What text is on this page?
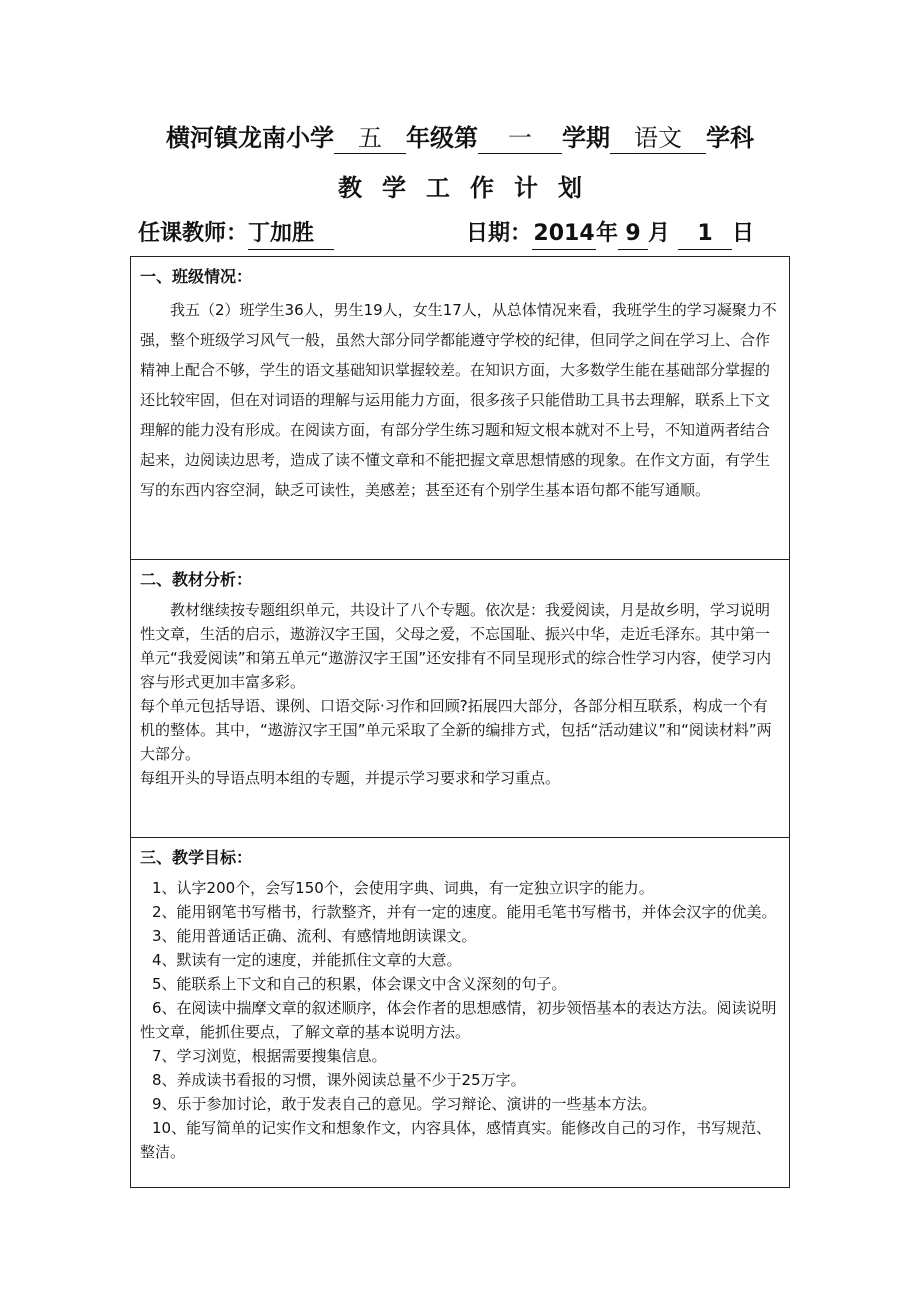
横河镇龙南小学 五 年级第 一 学期 语文 学科
教 学 工 作 计 划
任课教师：丁加胜	日期：2014年 9 月 1 日
一、班级情况：

我五（2）班学生36人，男生19人，女生17人，从总体情况来看，我班学生的学习凝聚力不强，整个班级学习风气一般，虽然大部分同学都能遵守学校的纪律，但同学之间在学习上、合作精神上配合不够，学生的语文基础知识掌握较差。在知识方面，大多数学生能在基础部分掌握的还比较牢固，但在对词语的理解与运用能力方面，很多孩子只能借助工具书去理解，联系上下文理解的能力没有形成。在阅读方面，有部分学生练习题和短文根本就对不上号，不知道两者结合起来，边阅读边思考，造成了读不懂文章和不能把握文章思想情感的现象。在作文方面，有学生写的东西内容空洞，缺乏可读性，美感差；甚至还有个别学生基本语句都不能写通顺。

二、教材分析：

教材继续按专题组织单元，共设计了八个专题。依次是：我爱阅读，月是故乡明，学习说明性文章，生活的启示，遨游汉字王国，父母之爱，不忘国耻、振兴中华，走近毛泽东。其中第一单元“我爱阅读”和第五单元“遨游汉字王国”还安排有不同呈现形式的综合性学习内容，使学习内容与形式更加丰富多彩。

每个单元包括导语、课例、口语交际·习作和回顾?拓展四大部分，各部分相互联系，构成一个有机的整体。其中，“遨游汉字王国”单元采取了全新的编排方式，包括“活动建议”和“阅读材料”两大部分。

每组开头的导语点明本组的专题，并提示学习要求和学习重点。

三、教学目标：

1、认字200个，会写150个，会使用字典、词典，有一定独立识字的能力。

2、能用钢笔书写楷书，行款整齐，并有一定的速度。能用毛笔书写楷书，并体会汉字的优美。

3、能用普通话正确、流利、有感情地朗读课文。

4、默读有一定的速度，并能抓住文章的大意。

5、能联系上下文和自己的积累，体会课文中含义深刻的句子。

6、在阅读中揣摩文章的叙述顺序，体会作者的思想感情，初步领悟基本的表达方法。阅读说明性文章，能抓住要点，了解文章的基本说明方法。

7、学习浏览，根据需要搜集信息。

8、养成读书看报的习惯，课外阅读总量不少于25万字。

9、乐于参加讨论，敢于发表自己的意见。学习辩论、演讲的一些基本方法。

10、能写简单的记实作文和想象作文，内容具体，感情真实。能修改自己的习作，书写规范、整洁。
